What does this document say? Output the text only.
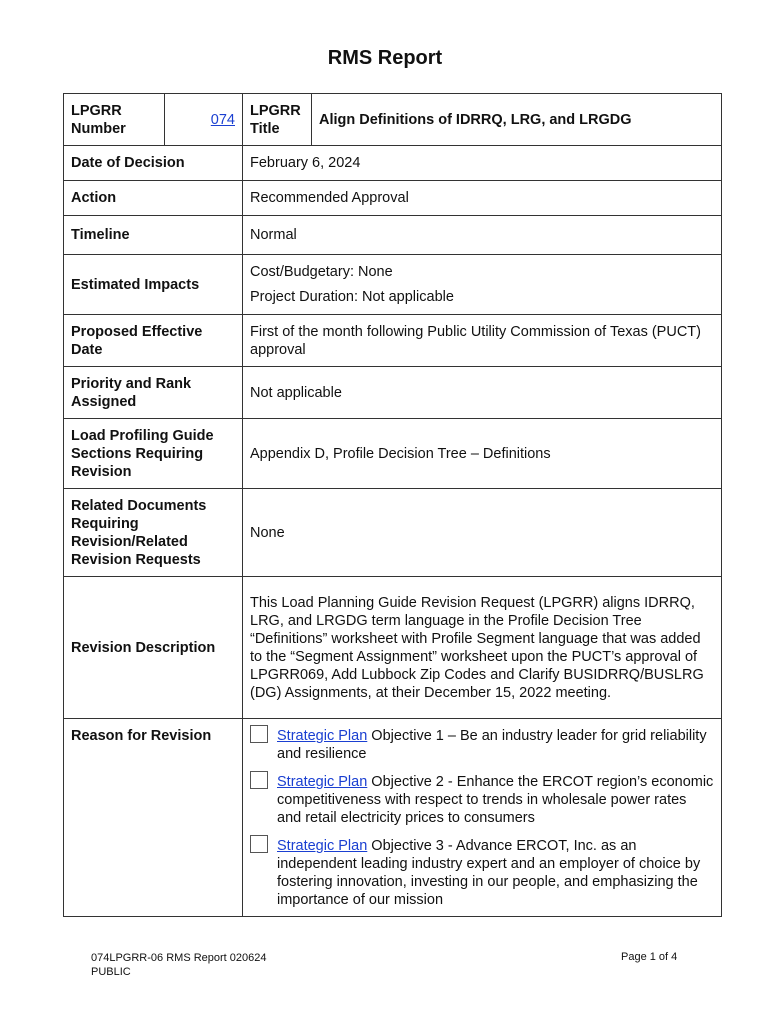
RMS Report
LPGRR Number	074	LPGRR Title	Align Definitions of IDRRQ, LRG, and LRGDG
Date of Decision		February 6, 2024	
Action		Recommended Approval	
Timeline		Normal	
Estimated Impacts		Cost/Budgetary: None

Project Duration: Not applicable	

Proposed Effective Date		First of the month following Public Utility Commission of Texas (PUCT) approval	
Priority and Rank Assigned		Not applicable	
Load Profiling Guide Sections Requiring Revision		Appendix D, Profile Decision Tree – Definitions	
Related Documents Requiring Revision/Related Revision Requests		None	
Revision Description		This Load Planning Guide Revision Request (LPGRR) aligns IDRRQ, LRG, and LRGDG term language in the Profile Decision Tree “Definitions” worksheet with Profile Segment language that was added to the “Segment Assignment” worksheet upon the PUCT’s approval of LPGRR069, Add Lubbock Zip Codes and Clarify BUSIDRRQ/BUSLRG (DG) Assignments, at their December 15, 2022 meeting.	
Reason for Revision		Strategic Plan Objective 1 – Be an industry leader for grid reliability and resilience
Strategic Plan Objective 2 - Enhance the ERCOT region’s economic competitiveness with respect to trends in wholesale power rates and retail electricity prices to consumers
Strategic Plan Objective 3 - Advance ERCOT, Inc. as an independent leading industry expert and an employer of choice by fostering innovation, investing in our people, and emphasizing the importance of our mission	
074LPGRR-06 RMS Report 020624
PUBLIC
Page 1 of 4
